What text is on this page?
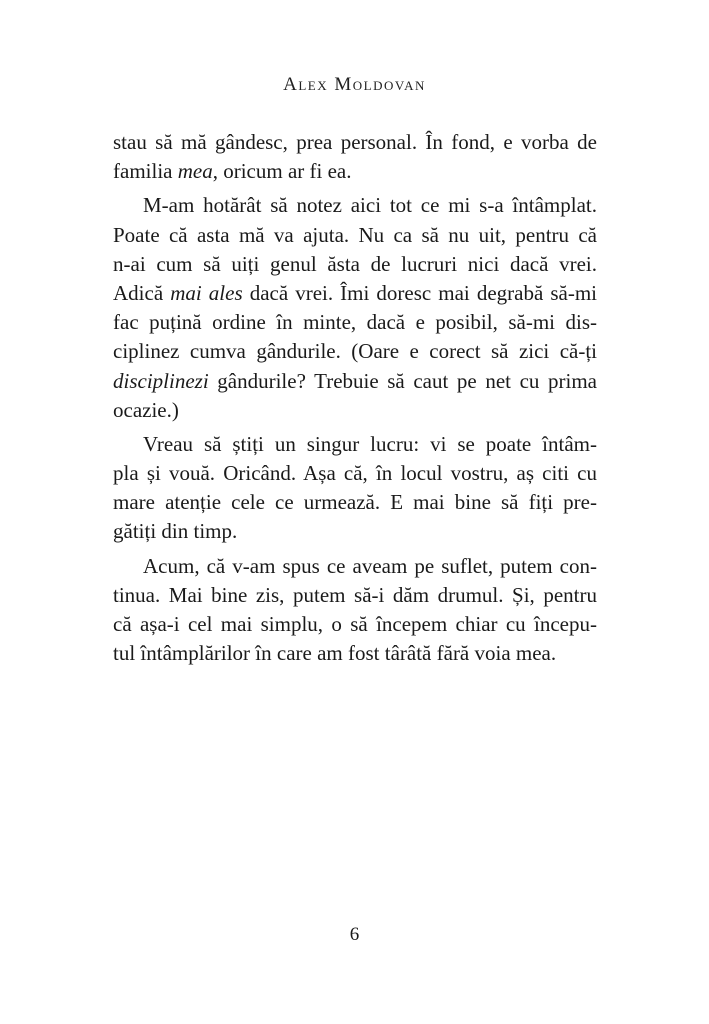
Alex Moldovan
stau să mă gândesc, prea personal. În fond, e vorba de
familia mea, oricum ar fi ea.
M-am hotărât să notez aici tot ce mi s-a întâmplat.
Poate că asta mă va ajuta. Nu ca să nu uit, pentru că
n-ai cum să uiți genul ăsta de lucruri nici dacă vrei.
Adică mai ales dacă vrei. Îmi doresc mai degrabă să-mi
fac puțină ordine în minte, dacă e posibil, să-mi dis-
ciplinez cumva gândurile. (Oare e corect să zici că-ți
disciplinezi gândurile? Trebuie să caut pe net cu prima
ocazie.)
Vreau să știți un singur lucru: vi se poate întâm-
pla și vouă. Oricând. Așa că, în locul vostru, aș citi cu
mare atenție cele ce urmează. E mai bine să fiți pre-
gătiți din timp.
Acum, că v-am spus ce aveam pe suflet, putem con-
tinua. Mai bine zis, putem să-i dăm drumul. Și, pentru
că așa-i cel mai simplu, o să începem chiar cu începu-
tul întâmplărilor în care am fost târâtă fără voia mea.
6
